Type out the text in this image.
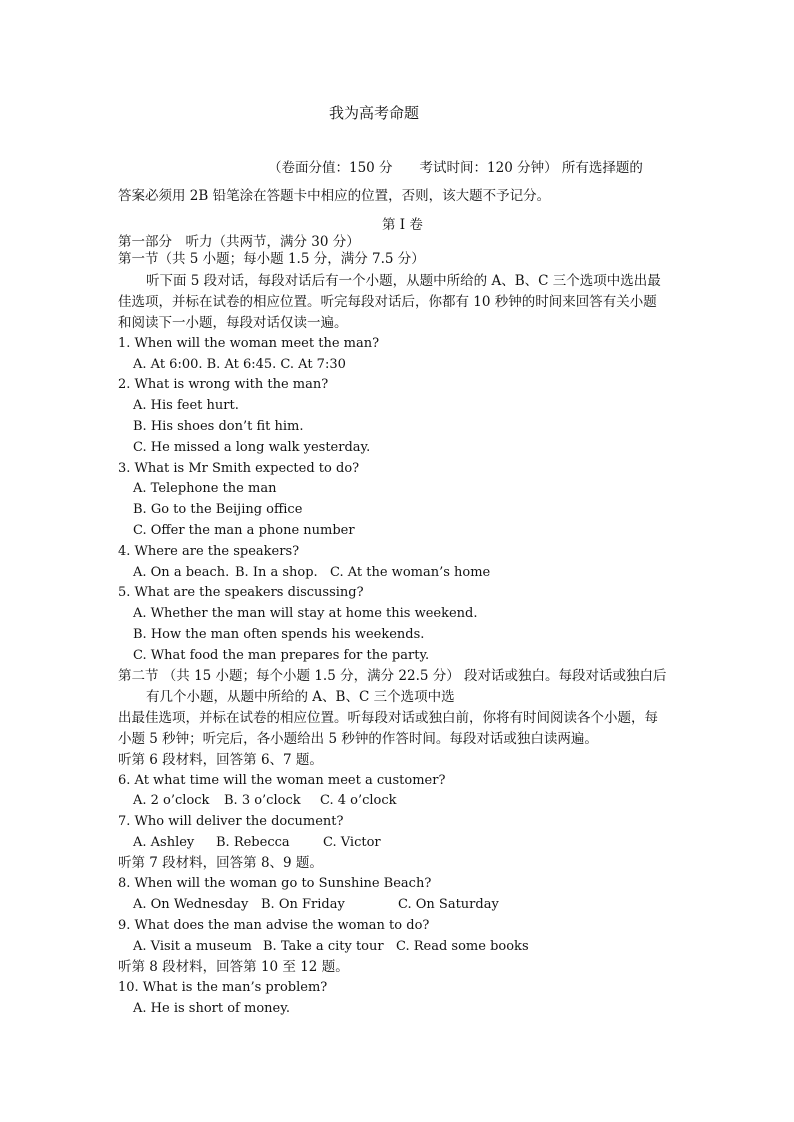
我为高考命题
（卷面分值：150 分　　考试时间：120 分钟） 所有选择题的
答案必须用 2B 铅笔涂在答题卡中相应的位置，否则，该大题不予记分。
第 I 卷
第一部分　听力（共两节，满分 30 分）
第一节（共 5 小题；每小题 1.5 分，满分 7.5 分）
听下面 5 段对话，每段对话后有一个小题，从题中所给的 A、B、C 三个选项中选出最
佳选项，并标在试卷的相应位置。听完每段对话后，你都有 10 秒钟的时间来回答有关小题
和阅读下一小题，每段对话仅读一遍。
1. When will the woman meet the man?
A. At 6:00. B. At 6:45. C. At 7:30
2. What is wrong with the man?
A. His feet hurt.
B. His shoes don’t fit him.
C. He missed a long walk yesterday.
3. What is Mr Smith expected to do?
A. Telephone the man
B. Go to the Beijing office
C. Offer the man a phone number
4. Where are the speakers?
A. On a beach. B. In a shop. C. At the woman’s home
5. What are the speakers discussing?
A. Whether the man will stay at home this weekend.
B. How the man often spends his weekends.
C. What food the man prepares for the party.
第二节 （共 15 小题；每个小题 1.5 分，满分 22.5 分） 段对话或独白。每段对话或独白后
有几个小题，从题中所给的 A、B、C 三个选项中选
出最佳选项，并标在试卷的相应位置。听每段对话或独白前，你将有时间阅读各个小题，每
小题 5 秒钟；听完后，各小题给出 5 秒钟的作答时间。每段对话或独白读两遍。
听第 6 段材料，回答第 6、7 题。
6. At what time will the woman meet a customer?
A. 2 o’clock B. 3 o’clock C. 4 o’clock
7. Who will deliver the document?
A. Ashley B. Rebecca	C. Victor
听第 7 段材料，回答第 8、9 题。
8. When will the woman go to Sunshine Beach?
A. On Wednesday B. On Friday	C. On Saturday
9. What does the man advise the woman to do?
A. Visit a museum B. Take a city tour C. Read some books
听第 8 段材料，回答第 10 至 12 题。
10. What is the man’s problem?
A. He is short of money.
